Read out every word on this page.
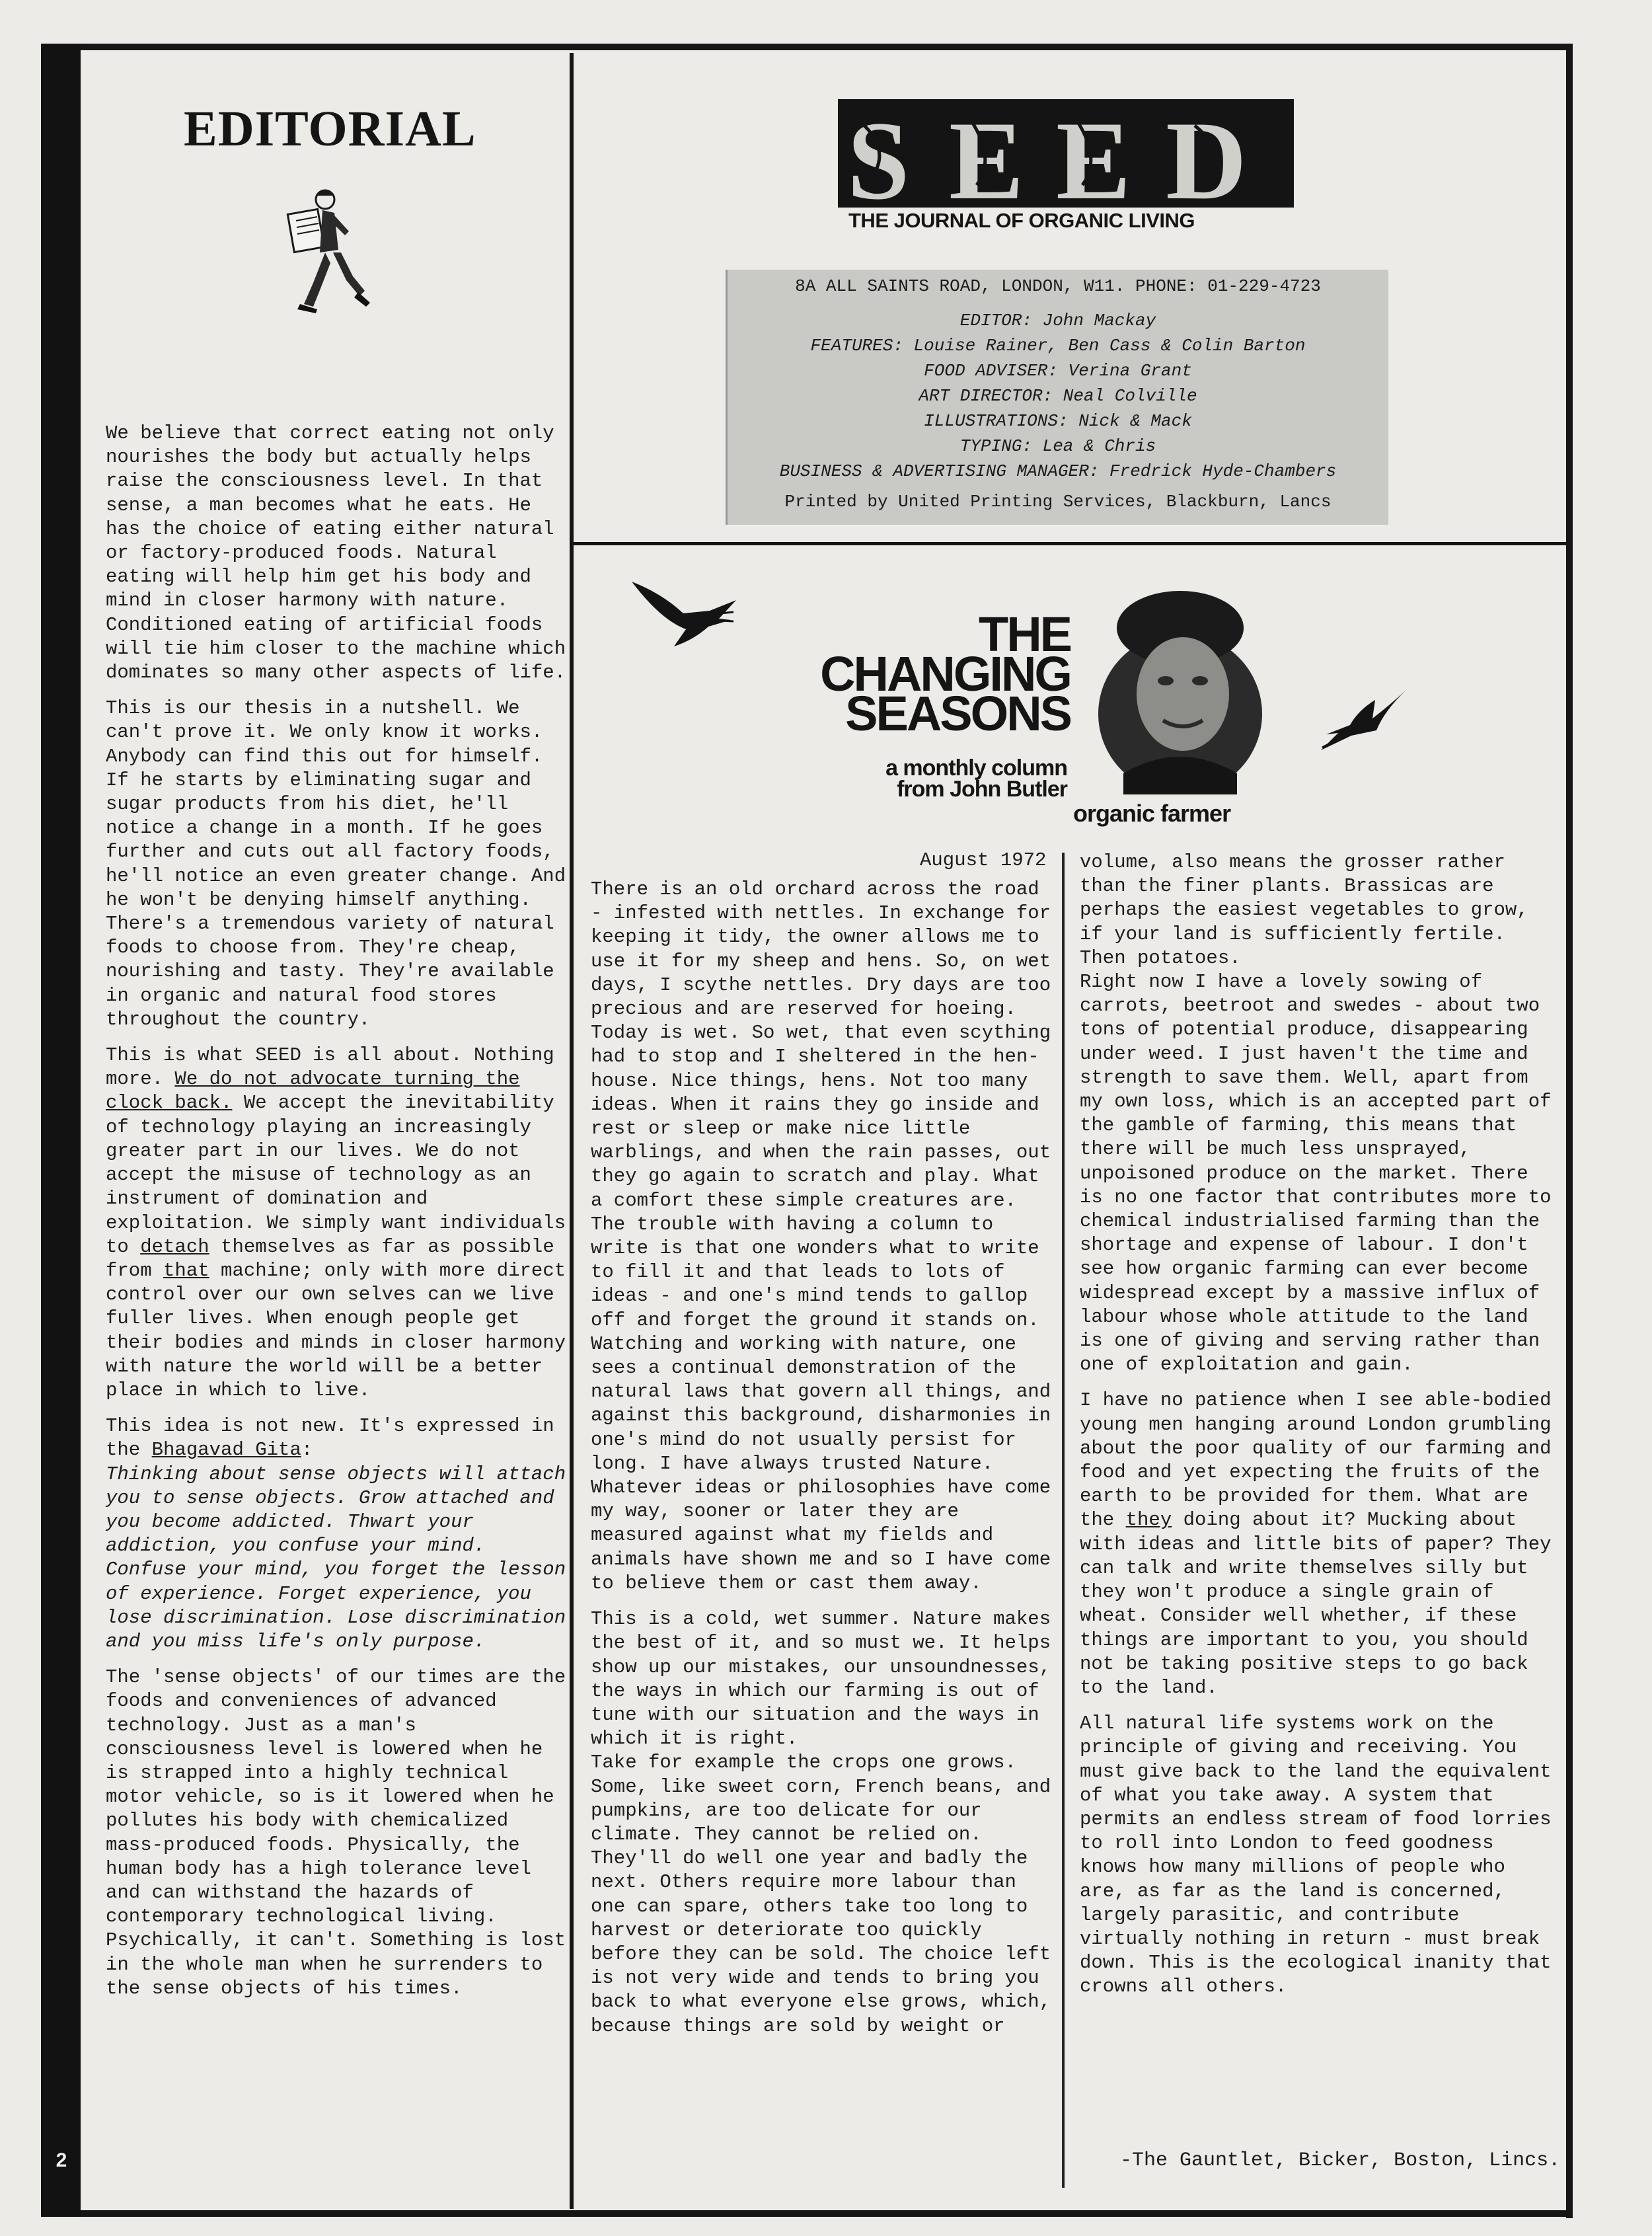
2
EDITORIAL

We believe that correct eating not only nourishes the body but actually helps raise the consciousness level. In that sense, a man becomes what he eats. He has the choice of eating either natural or factory-produced foods. Natural eating will help him get his body and mind in closer harmony with nature. Conditioned eating of artificial foods will tie him closer to the machine which dominates so many other aspects of life.

This is our thesis in a nutshell. We can't prove it. We only know it works. Anybody can find this out for himself. If he starts by eliminating sugar and sugar products from his diet, he'll notice a change in a month. If he goes further and cuts out all factory foods, he'll notice an even greater change. And he won't be denying himself anything. There's a tremendous variety of natural foods to choose from. They're cheap, nourishing and tasty. They're available in organic and natural food stores throughout the country.

This is what SEED is all about. Nothing more. We do not advocate turning the clock back. We accept the inevitability of technology playing an increasingly greater part in our lives. We do not accept the misuse of technology as an instrument of domination and exploitation. We simply want individuals to detach themselves as far as possible from that machine; only with more direct control over our own selves can we live fuller lives. When enough people get their bodies and minds in closer harmony with nature the world will be a better place in which to live.

This idea is not new. It's expressed in the Bhagavad Gita:

Thinking about sense objects will attach you to sense objects. Grow attached and you become addicted. Thwart your addiction, you confuse your mind. Confuse your mind, you forget the lesson of experience. Forget experience, you lose discrimination. Lose discrimination and you miss life's only purpose.

The 'sense objects' of our times are the foods and conveniences of advanced technology. Just as a man's consciousness level is lowered when he is strapped into a highly technical motor vehicle, so is it lowered when he pollutes his body with chemicalized mass-produced foods. Physically, the human body has a high tolerance level and can withstand the hazards of contemporary technological living. Psychically, it can't. Something is lost in the whole man when he surrenders to the sense objects of his times.

S E E D
THE JOURNAL OF ORGANIC LIVING
8A ALL SAINTS ROAD, LONDON, W11. PHONE: 01-229-4723
EDITOR: John Mackay
FEATURES: Louise Rainer, Ben Cass & Colin Barton
FOOD ADVISER: Verina Grant
ART DIRECTOR: Neal Colville
ILLUSTRATIONS: Nick & Mack
TYPING: Lea & Chris
BUSINESS & ADVERTISING MANAGER: Fredrick Hyde-Chambers
Printed by United Printing Services, Blackburn, Lancs
THE
CHANGING
SEASONS
a monthly column
from John Butler
organic farmer
August 1972

There is an old orchard across the road - infested with nettles. In exchange for keeping it tidy, the owner allows me to use it for my sheep and hens. So, on wet days, I scythe nettles. Dry days are too precious and are reserved for hoeing. Today is wet. So wet, that even scything had to stop and I sheltered in the hen-house. Nice things, hens. Not too many ideas. When it rains they go inside and rest or sleep or make nice little warblings, and when the rain passes, out they go again to scratch and play. What a comfort these simple creatures are. The trouble with having a column to write is that one wonders what to write to fill it and that leads to lots of ideas - and one's mind tends to gallop off and forget the ground it stands on. Watching and working with nature, one sees a continual demonstration of the natural laws that govern all things, and against this background, disharmonies in one's mind do not usually persist for long. I have always trusted Nature. Whatever ideas or philosophies have come my way, sooner or later they are measured against what my fields and animals have shown me and so I have come to believe them or cast them away.

This is a cold, wet summer. Nature makes the best of it, and so must we. It helps show up our mistakes, our unsoundnesses, the ways in which our farming is out of tune with our situation and the ways in which it is right.

Take for example the crops one grows. Some, like sweet corn, French beans, and pumpkins, are too delicate for our climate. They cannot be relied on. They'll do well one year and badly the next. Others require more labour than one can spare, others take too long to harvest or deteriorate too quickly before they can be sold. The choice left is not very wide and tends to bring you back to what everyone else grows, which, because things are sold by weight or

volume, also means the grosser rather than the finer plants. Brassicas are perhaps the easiest vegetables to grow, if your land is sufficiently fertile. Then potatoes.

Right now I have a lovely sowing of carrots, beetroot and swedes - about two tons of potential produce, disappearing under weed. I just haven't the time and strength to save them. Well, apart from my own loss, which is an accepted part of the gamble of farming, this means that there will be much less unsprayed, unpoisoned produce on the market. There is no one factor that contributes more to chemical industrialised farming than the shortage and expense of labour. I don't see how organic farming can ever become widespread except by a massive influx of labour whose whole attitude to the land is one of giving and serving rather than one of exploitation and gain.

I have no patience when I see able-bodied young men hanging around London grumbling about the poor quality of our farming and food and yet expecting the fruits of the earth to be provided for them. What are the they doing about it? Mucking about with ideas and little bits of paper? They can talk and write themselves silly but they won't produce a single grain of wheat. Consider well whether, if these things are important to you, you should not be taking positive steps to go back to the land.

All natural life systems work on the principle of giving and receiving. You must give back to the land the equivalent of what you take away. A system that permits an endless stream of food lorries to roll into London to feed goodness knows how many millions of people who are, as far as the land is concerned, largely parasitic, and contribute virtually nothing in return - must break down. This is the ecological inanity that crowns all others.

-The Gauntlet, Bicker, Boston, Lincs.
